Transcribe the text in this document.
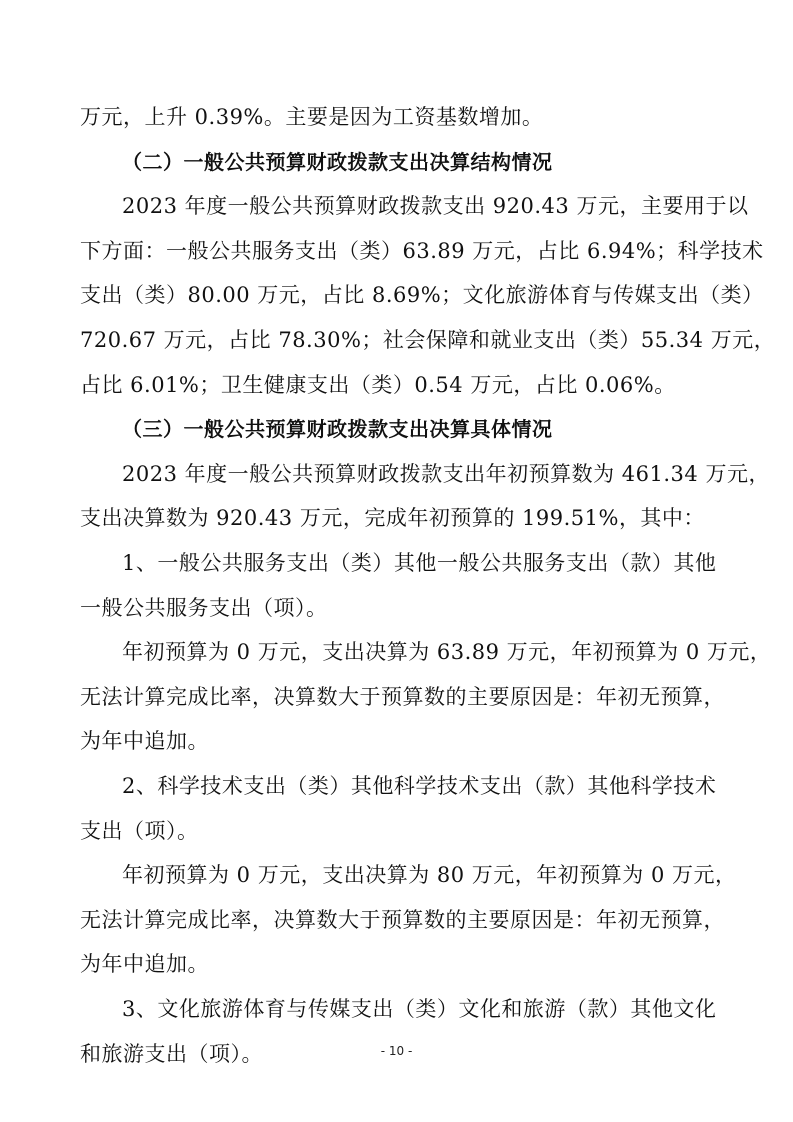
万元，上升 0.39%。主要是因为工资基数增加。
（二）一般公共预算财政拨款支出决算结构情况
2023 年度一般公共预算财政拨款支出 920.43 万元，主要用于以
下方面：一般公共服务支出（类）63.89 万元，占比 6.94%；科学技术
支出（类）80.00 万元，占比 8.69%；文化旅游体育与传媒支出（类）
720.67 万元，占比 78.30%；社会保障和就业支出（类）55.34 万元，
占比 6.01%；卫生健康支出（类）0.54 万元，占比 0.06%。
（三）一般公共预算财政拨款支出决算具体情况
2023 年度一般公共预算财政拨款支出年初预算数为 461.34 万元，
支出决算数为 920.43 万元，完成年初预算的 199.51%，其中：
1、一般公共服务支出（类）其他一般公共服务支出（款）其他
一般公共服务支出（项）。
年初预算为 0 万元，支出决算为 63.89 万元，年初预算为 0 万元，
无法计算完成比率，决算数大于预算数的主要原因是：年初无预算，
为年中追加。
2、科学技术支出（类）其他科学技术支出（款）其他科学技术
支出（项）。
年初预算为 0 万元，支出决算为 80 万元，年初预算为 0 万元，
无法计算完成比率，决算数大于预算数的主要原因是：年初无预算，
为年中追加。
3、文化旅游体育与传媒支出（类）文化和旅游（款）其他文化
和旅游支出（项）。	- 10 -
